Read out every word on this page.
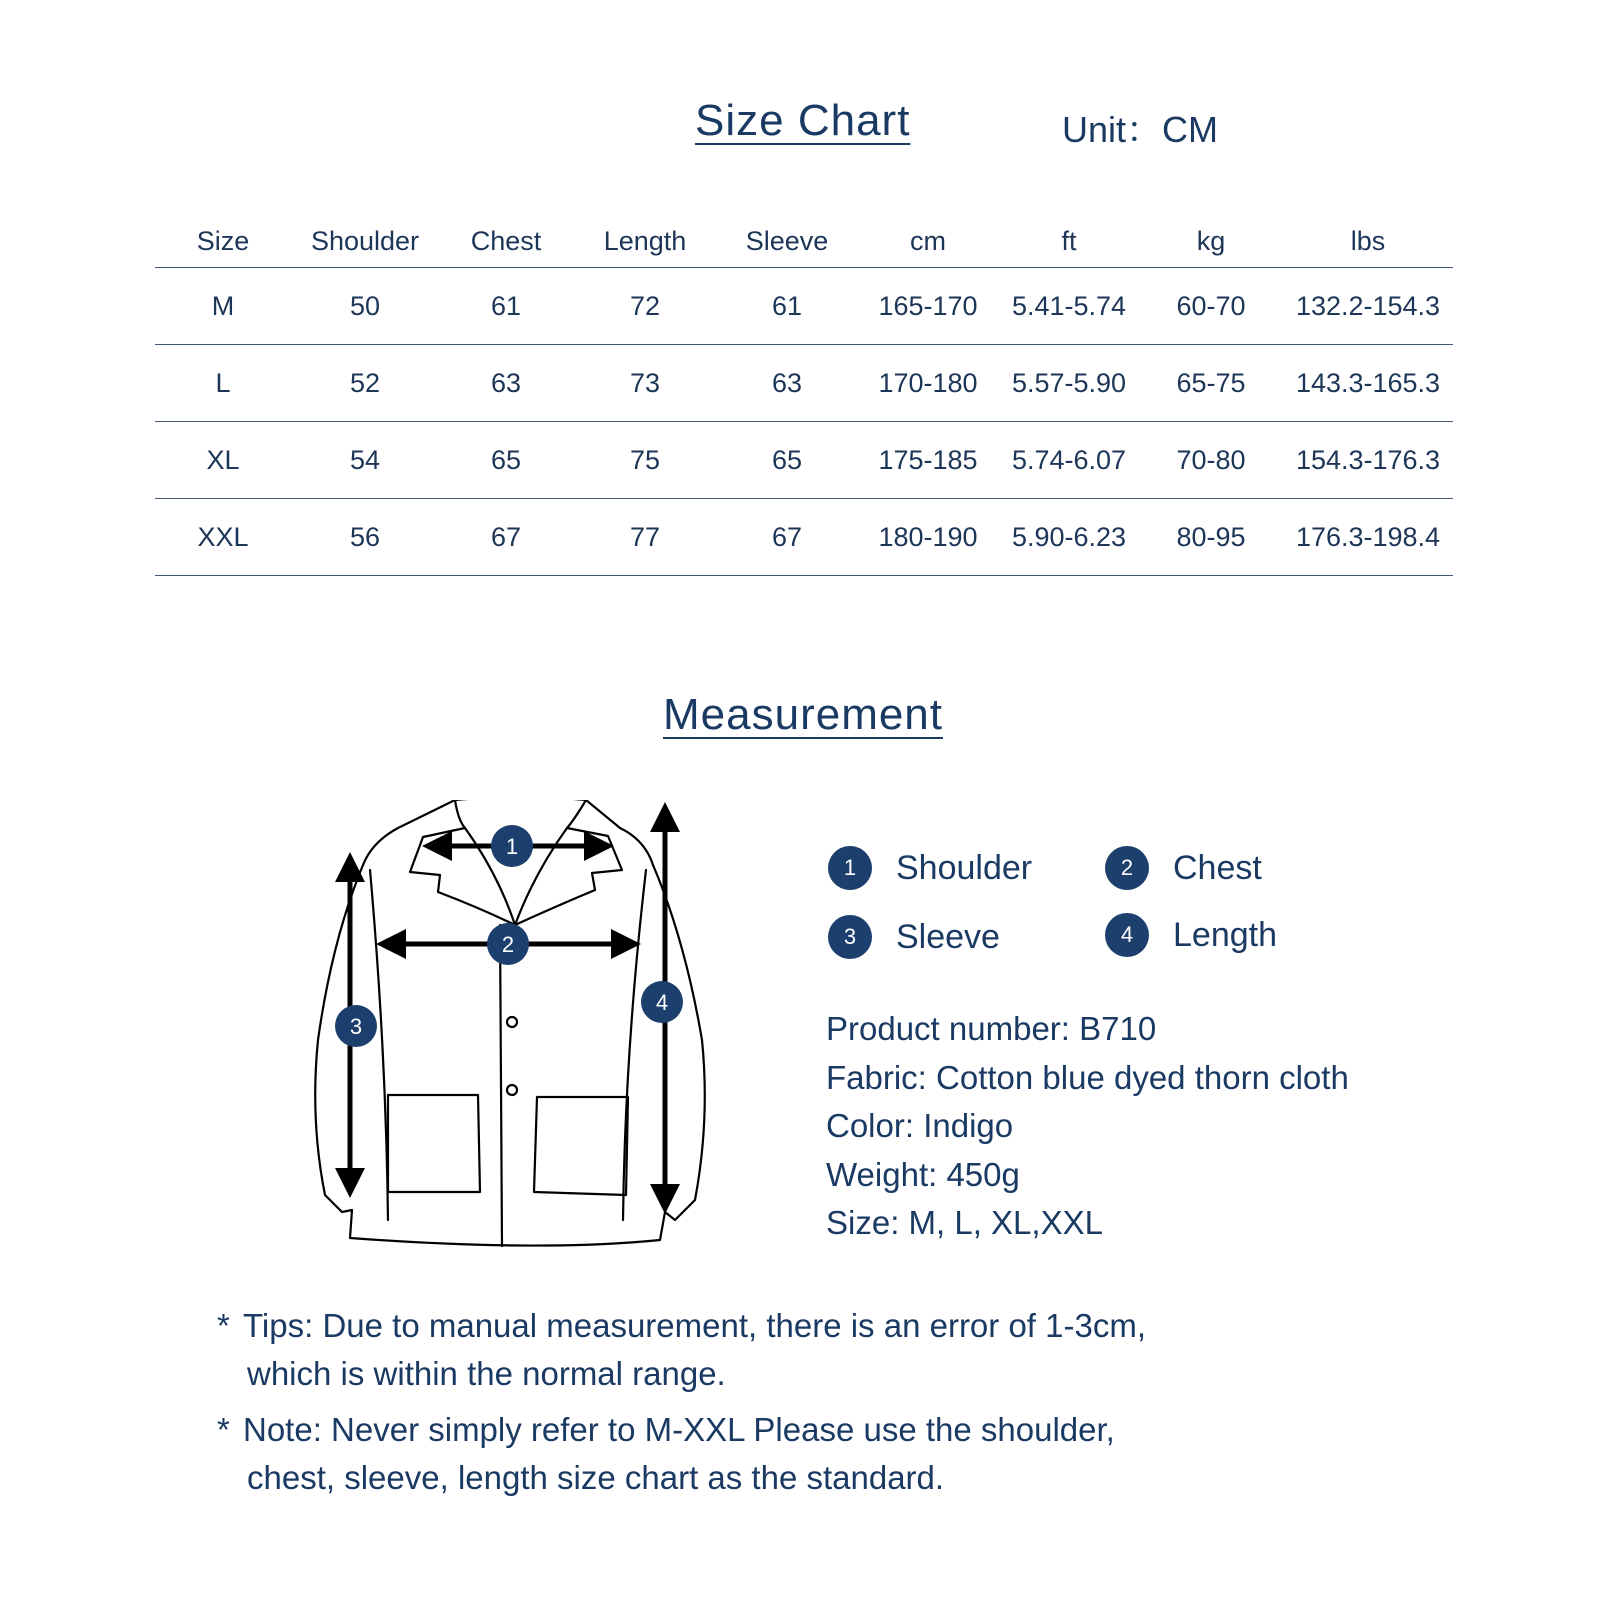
Size Chart	Unit：CM
Size	Shoulder	Chest	Length	Sleeve	cm	ft	kg	lbs
M	50	61	72	61	165-170	5.41-5.74	60-70	132.2-154.3
L	52	63	73	63	170-180	5.57-5.90	65-75	143.3-165.3
XL	54	65	75	65	175-185	5.74-6.07	70-80	154.3-176.3
XXL	56	67	77	67	180-190	5.90-6.23	80-95	176.3-198.4
Measurement
1
2
3
4
1	Shoulder	2	Chest
3	Sleeve	4	Length
Product number: B710
Fabric: Cotton blue dyed thorn cloth
Color: Indigo
Weight: 450g
Size: M, L, XL,XXL
* Tips: Due to manual measurement, there is an error of 1-3cm,
which is within the normal range.
* Note: Never simply refer to M-XXL Please use the shoulder,
chest, sleeve, length size chart as the standard.
